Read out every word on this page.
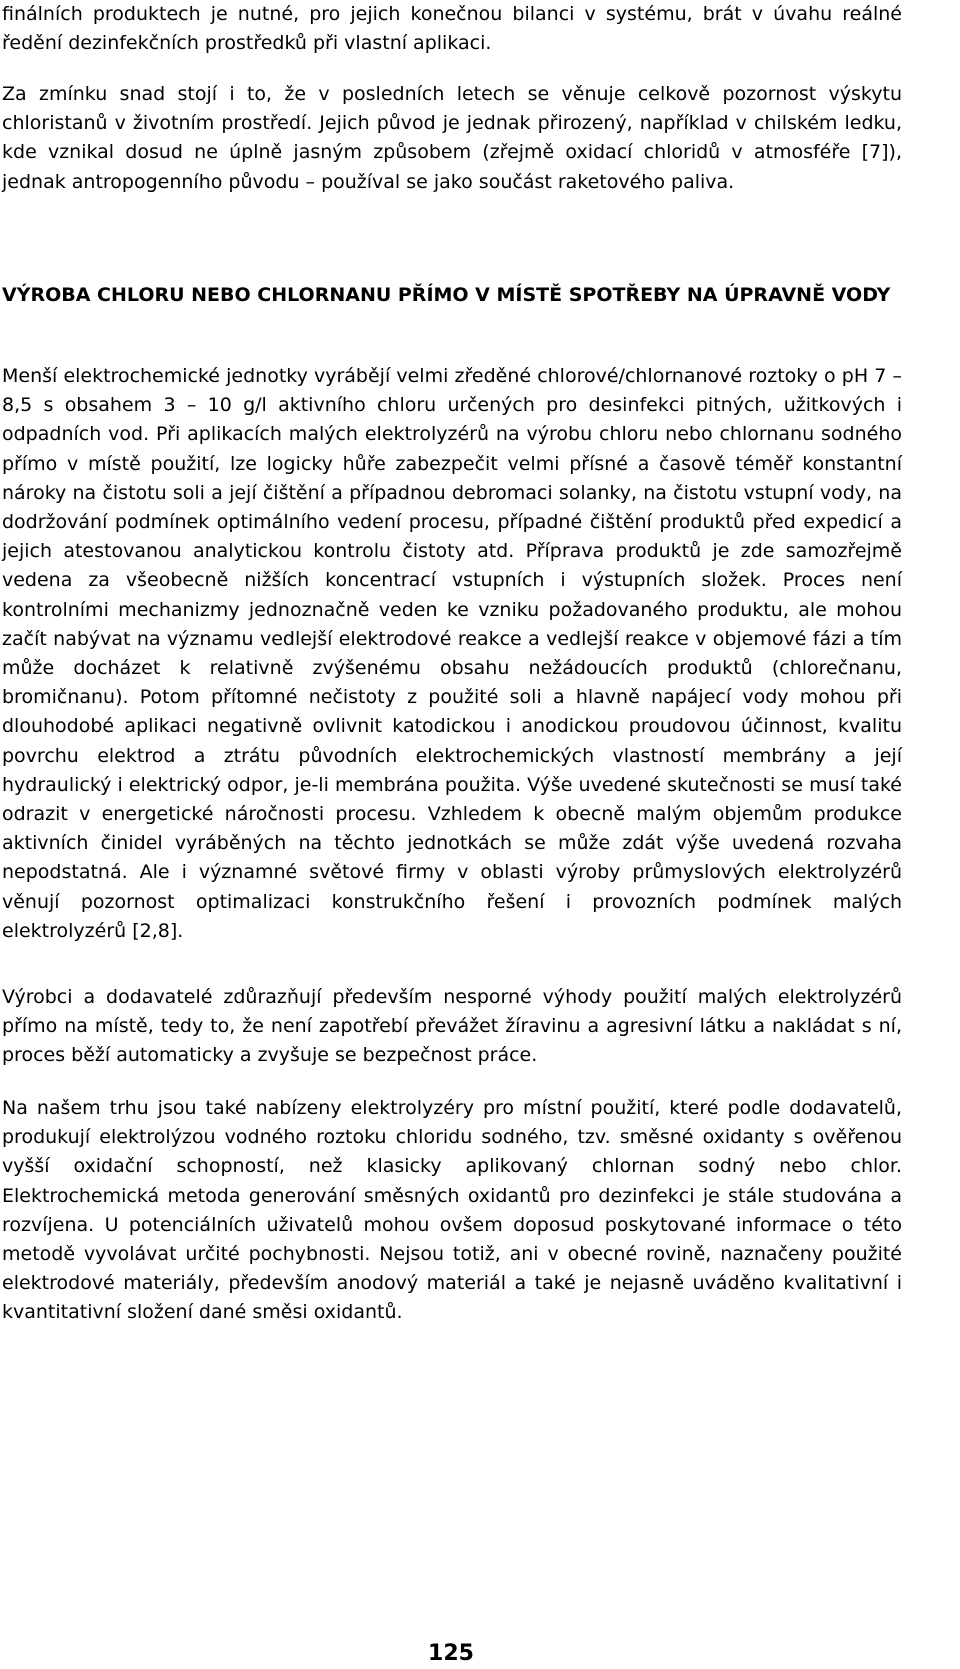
finálních produktech je nutné, pro jejich konečnou bilanci v systému, brát v úvahu reálné ředění dezinfekčních prostředků při vlastní aplikaci.

Za zmínku snad stojí i to, že v posledních letech se věnuje celkově pozornost výskytu chloristanů v životním prostředí. Jejich původ je jednak přirozený, například v chilském ledku, kde vznikal dosud ne úplně jasným způsobem (zřejmě oxidací chloridů v atmosféře [7]), jednak antropogenního původu – používal se jako součást raketového paliva.

VÝROBA CHLORU NEBO CHLORNANU PŘÍMO V MÍSTĚ SPOTŘEBY NA ÚPRAVNĚ VODY

Menší elektrochemické jednotky vyrábějí velmi zředěné chlorové/chlornanové roztoky o pH 7 – 8,5 s obsahem 3 – 10 g/l aktivního chloru určených pro desinfekci pitných, užitkových i odpadních vod. Při aplikacích malých elektrolyzérů na výrobu chloru nebo chlornanu sodného přímo v místě použití, lze logicky hůře zabezpečit velmi přísné a časově téměř konstantní nároky na čistotu soli a její čištění a případnou debromaci solanky, na čistotu vstupní vody, na dodržování podmínek optimálního vedení procesu, případné čištění produktů před expedicí a jejich atestovanou analytickou kontrolu čistoty atd. Příprava produktů je zde samozřejmě vedena za všeobecně nižších koncentrací vstupních i výstupních složek. Proces není kontrolními mechanizmy jednoznačně veden ke vzniku požadovaného produktu, ale mohou začít nabývat na významu vedlejší elektrodové reakce a vedlejší reakce v objemové fázi a tím může docházet k relativně zvýšenému obsahu nežádoucích produktů (chlorečnanu, bromičnanu). Potom přítomné nečistoty z použité soli a hlavně napájecí vody mohou při dlouhodobé aplikaci negativně ovlivnit katodickou i anodickou proudovou účinnost, kvalitu povrchu elektrod a ztrátu původních elektrochemických vlastností membrány a její hydraulický i elektrický odpor, je-li membrána použita. Výše uvedené skutečnosti se musí také odrazit v energetické náročnosti procesu. Vzhledem k obecně malým objemům produkce aktivních činidel vyráběných na těchto jednotkách se může zdát výše uvedená rozvaha nepodstatná. Ale i významné světové firmy v oblasti výroby průmyslových elektrolyzérů věnují pozornost optimalizaci konstrukčního řešení i provozních podmínek malých elektrolyzérů [2,8].

Výrobci a dodavatelé zdůrazňují především nesporné výhody použití malých elektrolyzérů přímo na místě, tedy to, že není zapotřebí převážet žíravinu a agresivní látku a nakládat s ní, proces běží automaticky a zvyšuje se bezpečnost práce.

Na našem trhu jsou také nabízeny elektrolyzéry pro místní použití, které podle dodavatelů, produkují elektrolýzou vodného roztoku chloridu sodného, tzv. směsné oxidanty s ověřenou vyšší oxidační schopností, než klasicky aplikovaný chlornan sodný nebo chlor. Elektrochemická metoda generování směsných oxidantů pro dezinfekci je stále studována a rozvíjena. U potenciálních uživatelů mohou ovšem doposud poskytované informace o této metodě vyvolávat určité pochybnosti. Nejsou totiž, ani v obecné rovině, naznačeny použité elektrodové materiály, především anodový materiál a také je nejasně uváděno kvalitativní i kvantitativní složení dané směsi oxidantů.

125
